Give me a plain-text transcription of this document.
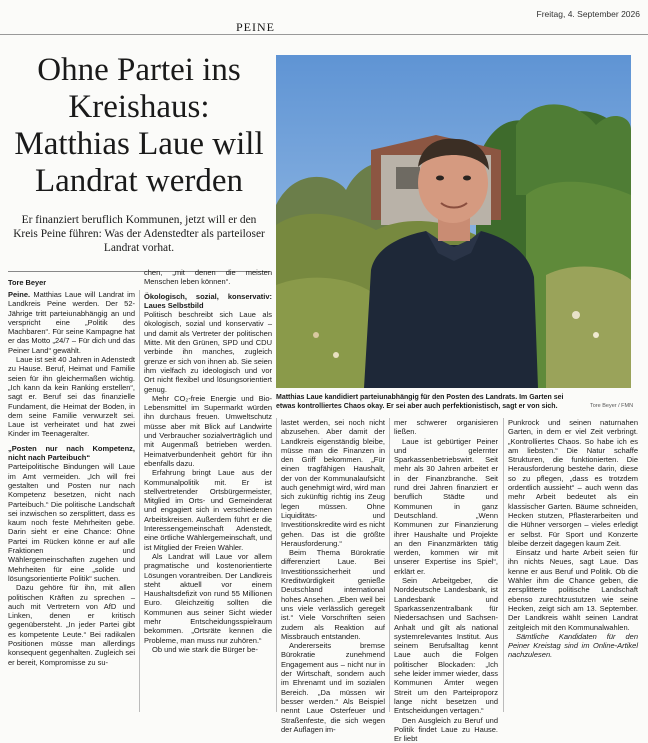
Freitag, 4. September 2026
PEINE
Ohne Partei ins Kreishaus: Matthias Laue will Landrat werden
Matthias Laue kandidiert parteiunabhängig für den Posten des Landrats. Im Garten sei etwas kontrolliertes Chaos okay. Er sei aber auch perfektionistisch, sagt er von sich.	Tore Beyer / FMN
Er finanziert beruflich Kommunen, jetzt will er den Kreis Peine führen: Was der Adenstedter als parteiloser Landrat vorhat.
Tore Beyer

Peine. Matthias Laue will Landrat im Landkreis Peine werden. Der 52-Jährige tritt parteiunabhängig an und verspricht eine „Politik des Machbaren“. Für seine Kampagne hat er das Motto „24/7 – Für dich und das Peiner Land“ gewählt.

Laue ist seit 40 Jahren in Adenstedt zu Hause. Beruf, Heimat und Familie seien für ihn gleichermaßen wichtig. „Ich kann da kein Ranking erstellen“, sagt er. Beruf sei das finanzielle Fundament, die Heimat der Boden, in dem seine Familie verwurzelt sei. Laue ist verheiratet und hat zwei Kinder im Teenageralter.

„Posten nur nach Kompetenz, nicht nach Parteibuch“

Parteipolitische Bindungen will Laue im Amt vermeiden. „Ich will frei gestalten und Posten nur nach Kompetenz besetzen, nicht nach Parteibuch.“ Die politische Landschaft sei inzwischen so zersplittert, dass es kaum noch feste Mehrheiten gebe. Darin sieht er eine Chance: Ohne Partei im Rücken könne er auf alle Fraktionen und Wählergemeinschaften zugehen und Mehrheiten für eine „solide und lösungsorientierte Politik“ suchen.

Dazu gehöre für ihn, mit allen politischen Kräften zu sprechen – auch mit Vertretern von AfD und Linken, denen er kritisch gegenübersteht. „In jeder Partei gibt es kompetente Leute.“ Bei radikalen Positionen müsse man allerdings konsequent gegenhalten. Zugleich sei er bereit, Kompromisse zu su-

chen, „mit denen die meisten Menschen leben können“.

Ökologisch, sozial, konservativ: Laues Selbstbild

Politisch beschreibt sich Laue als ökologisch, sozial und konservativ – und damit als Vertreter der politischen Mitte. Mit den Grünen, SPD und CDU verbinde ihn manches, zugleich grenze er sich von ihnen ab. Sie seien ihm vielfach zu ideologisch und vor Ort nicht flexibel und lösungsorientiert genug.

Mehr CO₂-freie Energie und Bio-Lebensmittel im Supermarkt würden ihn durchaus freuen. Umweltschutz müsse aber mit Blick auf Landwirte und Verbraucher sozialverträglich und mit Augenmaß betrieben werden. Heimatverbundenheit gehört für ihn ebenfalls dazu.

Erfahrung bringt Laue aus der Kommunalpolitik mit. Er ist stellvertretender Ortsbürgermeister, Mitglied im Orts- und Gemeinderat und engagiert sich in verschiedenen Arbeitskreisen. Außerdem führt er die Interessengemeinschaft Adenstedt, eine örtliche Wählergemeinschaft, und ist Mitglied der Freien Wähler.

Als Landrat will Laue vor allem pragmatische und kostenorientierte Lösungen vorantreiben. Der Landkreis steht aktuell vor einem Haushaltsdefizit von rund 55 Millionen Euro. Gleichzeitig sollten die Kommunen aus seiner Sicht wieder mehr Entscheidungsspielraum bekommen. „Ortsräte kennen die Probleme, man muss nur zuhören.“

Ob und wie stark die Bürger be-

lastet werden, sei noch nicht abzusehen. Aber damit der Landkreis eigenständig bleibe, müsse man die Finanzen in den Griff bekommen. „Für einen tragfähigen Haushalt, der von der Kommunalaufsicht auch genehmigt wird, wird man sich zukünftig richtig ins Zeug legen müssen. Ohne Liquiditäts- und Investitionskredite wird es nicht gehen. Das ist die größte Herausforderung.“

Beim Thema Bürokratie differenziert Laue. Bei Investitionssicherheit und Kreditwürdigkeit genieße Deutschland international hohes Ansehen. „Eben weil bei uns viele verlässlich geregelt ist.“ Viele Vorschriften seien zudem als Reaktion auf Missbrauch entstanden.

Andererseits bremse Bürokratie zunehmend Engagement aus – nicht nur in der Wirtschaft, sondern auch im Ehrenamt und im sozialen Bereich. „Da müssen wir besser werden.“ Als Beispiel nennt Laue Osterfeuer und Straßenfeste, die sich wegen der Auflagen im-

mer schwerer organisieren ließen.

Laue ist gebürtiger Peiner und gelernter Sparkassenbetriebswirt. Seit mehr als 30 Jahren arbeitet er in der Finanzbranche. Seit rund drei Jahren finanziert er beruflich Städte und Kommunen in ganz Deutschland. „Wenn Kommunen zur Finanzierung ihrer Haushalte und Projekte an den Finanzmärkten tätig werden, kommen wir mit unserer Expertise ins Spiel“, erklärt er.

Sein Arbeitgeber, die Norddeutsche Landesbank, ist Landesbank und Sparkassenzentralbank für Niedersachsen und Sachsen-Anhalt und gilt als national systemrelevantes Institut. Aus seinem Berufsalltag kennt Laue auch die Folgen politischer Blockaden: „Ich sehe leider immer wieder, dass Kommunen Ämter wegen Streit um den Parteiproporz lange nicht besetzen und Entscheidungen vertagen.“

Den Ausgleich zu Beruf und Politik findet Laue zu Hause. Er liebt

Punkrock und seinen naturnahen Garten, in dem er viel Zeit verbringt. „Kontrolliertes Chaos. So habe ich es am liebsten.“ Die Natur schaffe Strukturen, die funktionierten. Die Herausforderung bestehe darin, diese so zu pflegen, „dass es trotzdem ordentlich aussieht“ – auch wenn das mehr Arbeit bedeutet als ein klassischer Garten. Bäume schneiden, Hecken stutzen, Pflasterarbeiten und die Hühner versorgen – vieles erledigt er selbst. Für Sport und Konzerte bleibe derzeit dagegen kaum Zeit.

Einsatz und harte Arbeit seien für ihn nichts Neues, sagt Laue. Das kenne er aus Beruf und Politik. Ob die Wähler ihm die Chance geben, die zersplitterte politische Landschaft ebenso zurechtzustutzen wie seine Hecken, zeigt sich am 13. September. Der Landkreis wählt seinen Landrat zeitgleich mit den Kommunalwahlen.

Sämtliche Kandidaten für den Peiner Kreistag sind im Online-Artikel nachzulesen.
